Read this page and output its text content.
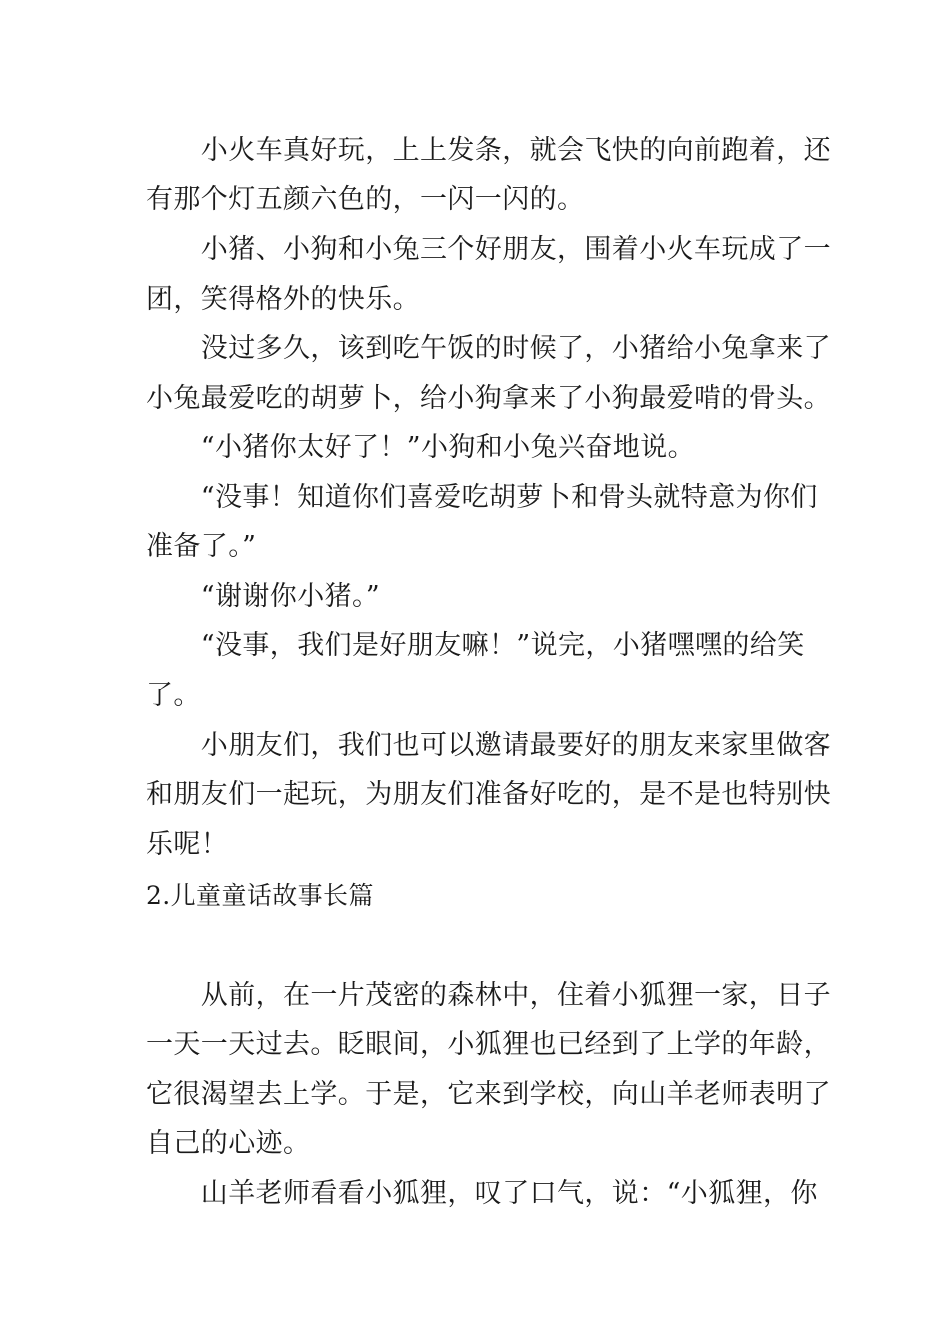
　　小火车真好玩，上上发条，就会飞快的向前跑着，还

有那个灯五颜六色的，一闪一闪的。

　　小猪、小狗和小兔三个好朋友，围着小火车玩成了一

团，笑得格外的快乐。

　　没过多久，该到吃午饭的时候了，小猪给小兔拿来了

小兔最爱吃的胡萝卜，给小狗拿来了小狗最爱啃的骨头。

　　“小猪你太好了！”小狗和小兔兴奋地说。

　　“没事！知道你们喜爱吃胡萝卜和骨头就特意为你们

准备了。”

　　“谢谢你小猪。”

　　“没事，我们是好朋友嘛！”说完，小猪嘿嘿的给笑

了。

　　小朋友们，我们也可以邀请最要好的朋友来家里做客

和朋友们一起玩，为朋友们准备好吃的，是不是也特别快

乐呢！

2.儿童童话故事长篇

　　从前，在一片茂密的森林中，住着小狐狸一家，日子

一天一天过去。眨眼间，小狐狸也已经到了上学的年龄，

它很渴望去上学。于是，它来到学校，向山羊老师表明了

自己的心迹。

　　山羊老师看看小狐狸，叹了口气，说：“小狐狸，你
